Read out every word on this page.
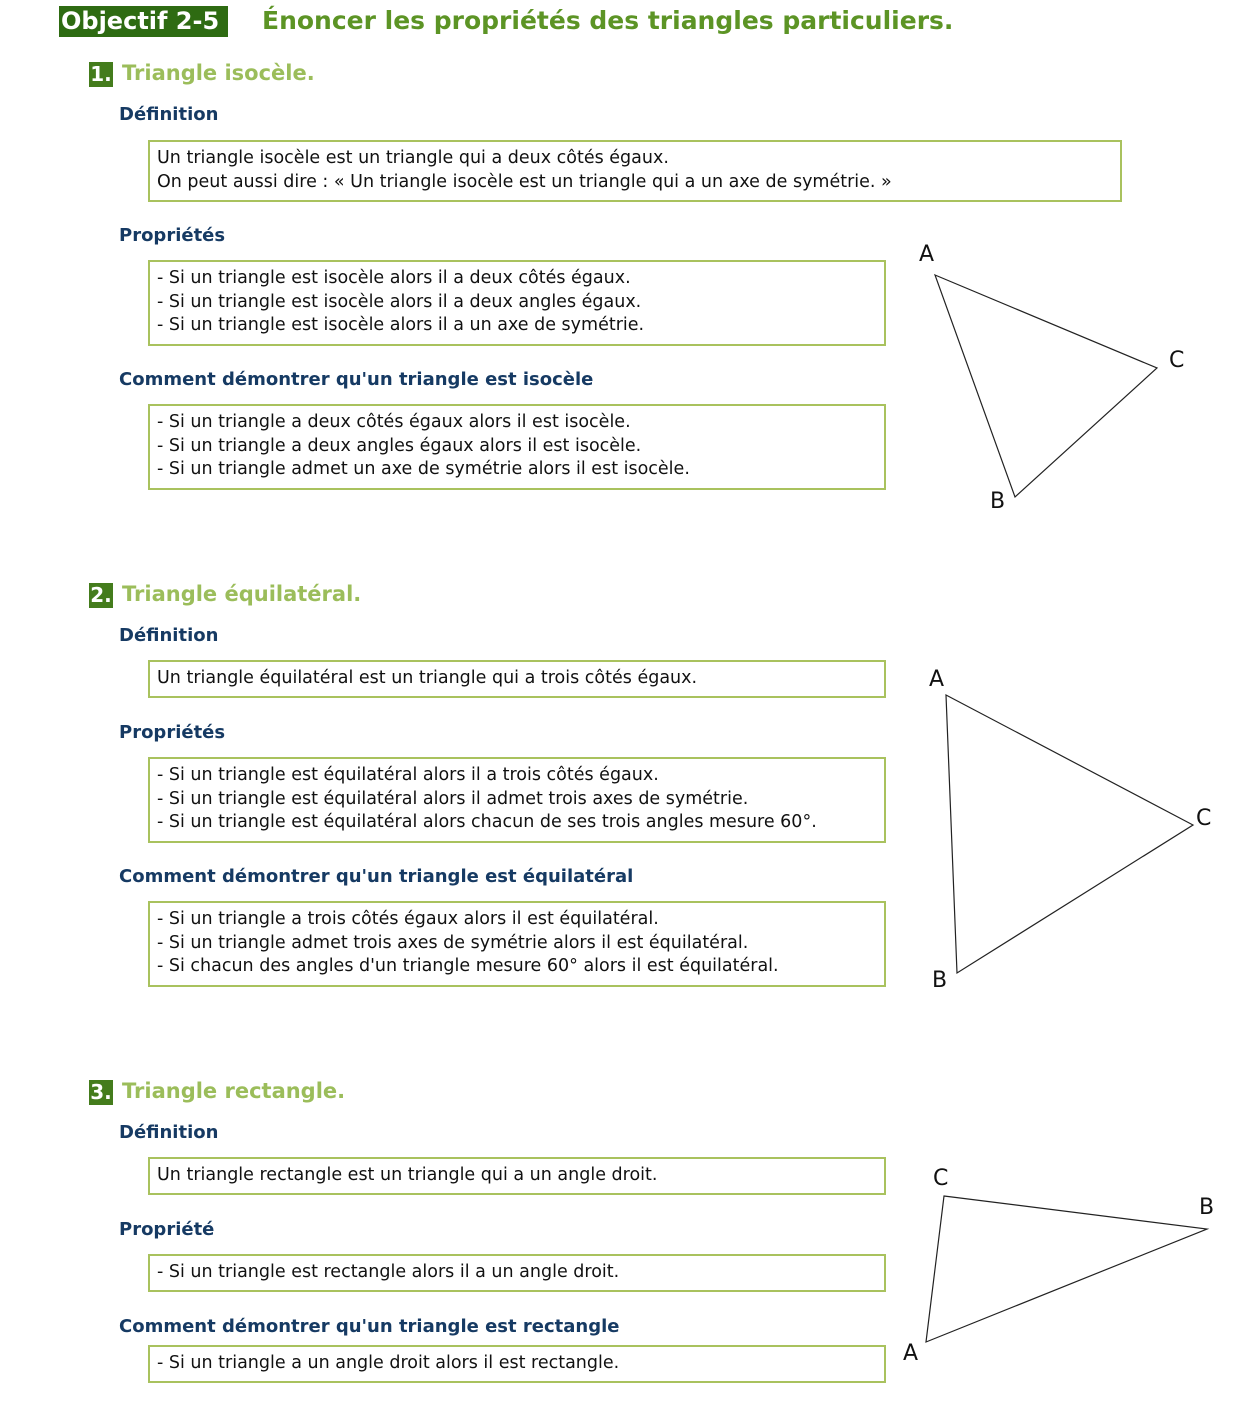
Objectif 2-5	Énoncer les propriétés des triangles particuliers.
1. Triangle isocèle.
Définition
Un triangle isocèle est un triangle qui a deux côtés égaux.
On peut aussi dire : « Un triangle isocèle est un triangle qui a un axe de symétrie. »
Propriétés
- Si un triangle est isocèle alors il a deux côtés égaux.
- Si un triangle est isocèle alors il a deux angles égaux.
- Si un triangle est isocèle alors il a un axe de symétrie.
Comment démontrer qu'un triangle est isocèle
- Si un triangle a deux côtés égaux alors il est isocèle.
- Si un triangle a deux angles égaux alors il est isocèle.
- Si un triangle admet un axe de symétrie alors il est isocèle.
2. Triangle équilatéral.
Définition
Un triangle équilatéral est un triangle qui a trois côtés égaux.
Propriétés
- Si un triangle est équilatéral alors il a trois côtés égaux.
- Si un triangle est équilatéral alors il admet trois axes de symétrie.
- Si un triangle est équilatéral alors chacun de ses trois angles mesure 60°.
Comment démontrer qu'un triangle est équilatéral
- Si un triangle a trois côtés égaux alors il est équilatéral.
- Si un triangle admet trois axes de symétrie alors il est équilatéral.
- Si chacun des angles d'un triangle mesure 60° alors il est équilatéral.
3. Triangle rectangle.
Définition
Un triangle rectangle est un triangle qui a un angle droit.
Propriété
- Si un triangle est rectangle alors il a un angle droit.
Comment démontrer qu'un triangle est rectangle
- Si un triangle a un angle droit alors il est rectangle.
A
C
B
A
C
B
C
B
A
